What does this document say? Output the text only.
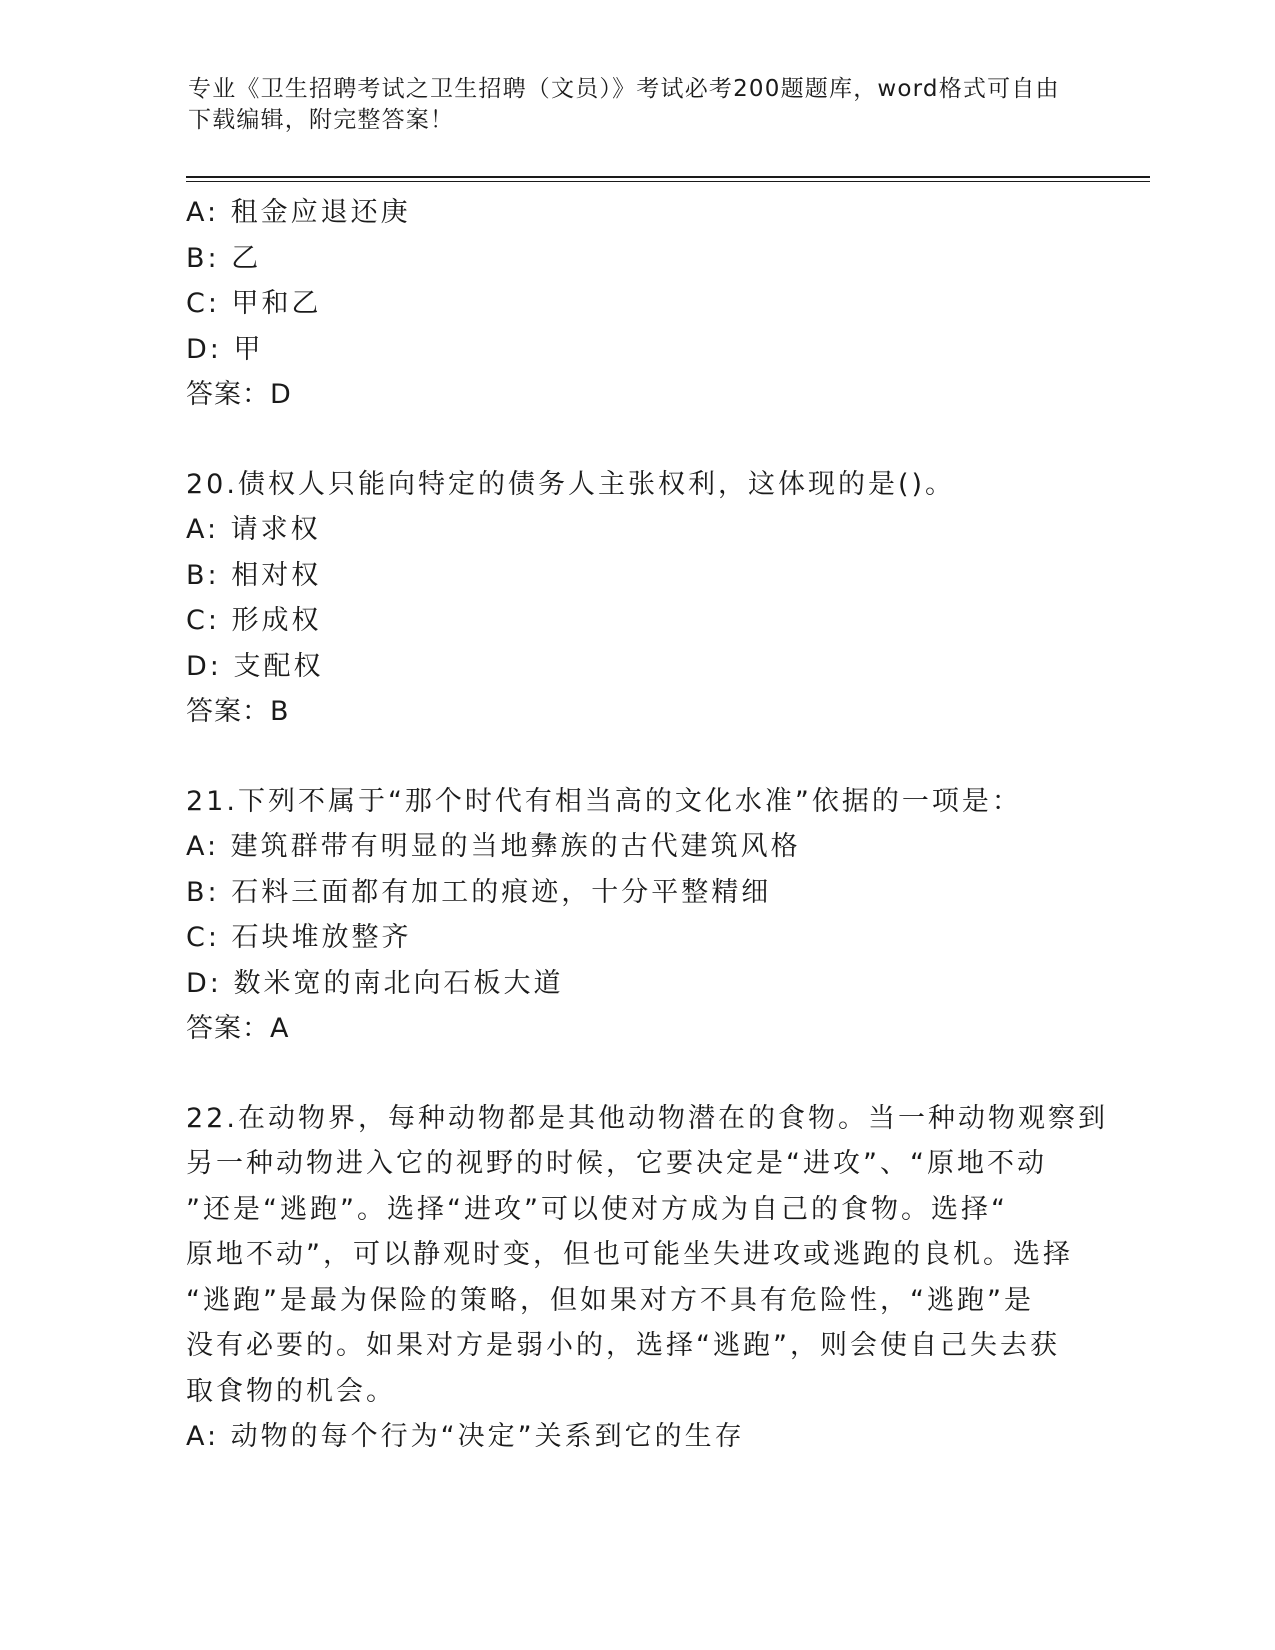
专业《卫生招聘考试之卫生招聘（文员）》考试必考200题题库，word格式可自由下载编辑，附完整答案！
A: 租金应退还庚
B: 乙
C: 甲和乙
D: 甲
答案：D
20.债权人只能向特定的债务人主张权利，这体现的是()。
A: 请求权
B: 相对权
C: 形成权
D: 支配权
答案：B
21.下列不属于“那个时代有相当高的文化水准”依据的一项是：
A: 建筑群带有明显的当地彝族的古代建筑风格
B: 石料三面都有加工的痕迹，十分平整精细
C: 石块堆放整齐
D: 数米宽的南北向石板大道
答案：A
22.在动物界，每种动物都是其他动物潜在的食物。当一种动物观察到
另一种动物进入它的视野的时候，它要决定是“进攻”、“原地不动
”还是“逃跑”。选择“进攻”可以使对方成为自己的食物。选择“
原地不动”，可以静观时变，但也可能坐失进攻或逃跑的良机。选择
“逃跑”是最为保险的策略，但如果对方不具有危险性，“逃跑”是
没有必要的。如果对方是弱小的，选择“逃跑”，则会使自己失去获
取食物的机会。
A: 动物的每个行为“决定”关系到它的生存
